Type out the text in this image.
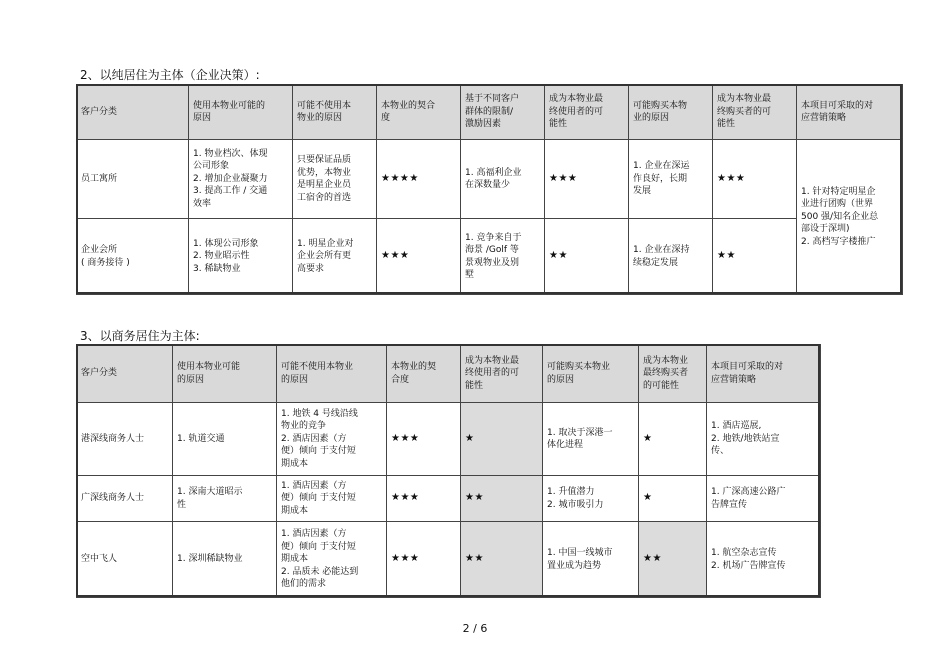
2、以纯居住为主体（企业决策）:
客户分类	使用本物业可能的
原因	可能不使用本
物业的原因	本物业的契合
度	基于不同客户
群体的限制/
激励因素	成为本物业最
终使用者的可
能性	可能购买本物
业的原因	成为本物业最
终购买者的可
能性	本项目可采取的对
应营销策略

员工寓所	1. 物业档次、体现
公司形象
2. 增加企业凝聚力
3. 提高工作 / 交通
效率	只要保证品质
优势，本物业
是明星企业员
工宿舍的首选	★★★★	1. 高福利企业
在深数量少	★★★	1. 企业在深运
作良好，长期
发展	★★★	1. 针对特定明星企
业进行团购（世界
500 强/知名企业总
部设于深圳)
2. 高档写字楼推广

企业会所
( 商务接待 )	1. 体现公司形象
2. 物业昭示性
3. 稀缺物业	1. 明星企业对
企业会所有更
高要求	★★★	1. 竞争来自于
海景 /Golf 等
景观物业及别
墅	★★	1. 企业在深持
续稳定发展	★★	
3、以商务居住为主体:
客户分类	使用本物业可能
的原因	可能不使用本物业
的原因	本物业的契
合度	成为本物业最
终使用者的可
能性	可能购买本物业
的原因	成为本物业
最终购买者
的可能性	本项目可采取的对
应营销策略

港深线商务人士	1. 轨道交通	1. 地铁 4 号线沿线
物业的竞争
2. 酒店因素（方
便）倾向 于支付短
期成本	★★★	★	1. 取决于深港一
体化进程	★	1. 酒店巡展,
2. 地铁/地铁站宣
传、

广深线商务人士	1. 深南大道昭示
性	1. 酒店因素（方
便）倾向 于支付短
期成本	★★★	★★	1. 升值潜力
2. 城市吸引力	★	1. 广深高速公路广
告牌宣传

空中飞人	1. 深圳稀缺物业	1. 酒店因素（方
便）倾向 于支付短
期成本
2. 品质未 必能达到
他们的需求	★★★	★★	1. 中国一线城市
置业成为趋势	★★	1. 航空杂志宣传
2. 机场广告牌宣传
2 / 6
